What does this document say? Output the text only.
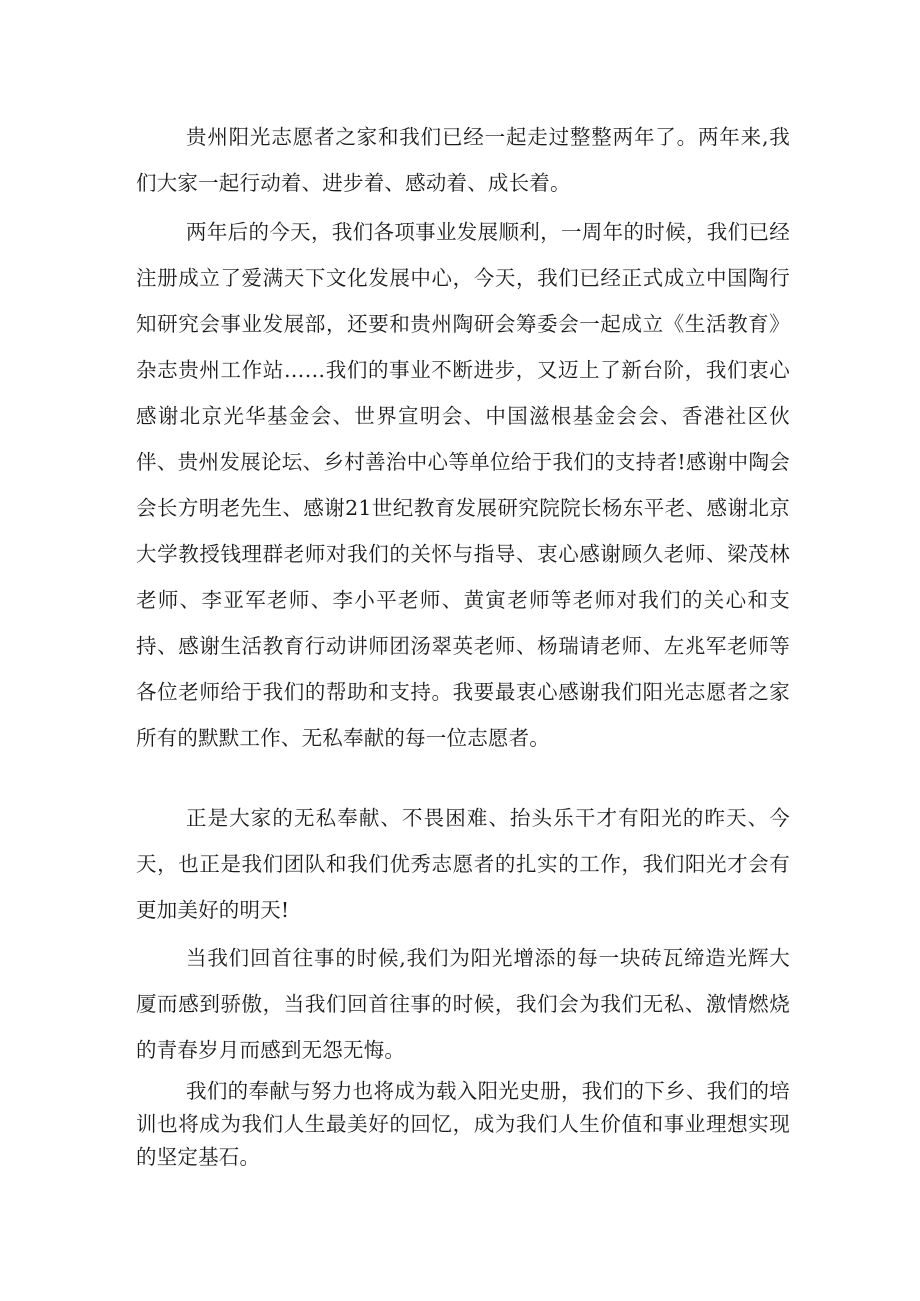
贵州阳光志愿者之家和我们已经一起走过整整两年了。两年来,我们大家一起行动着、进步着、感动着、成长着。

两年后的今天，我们各项事业发展顺利，一周年的时候，我们已经注册成立了爱满天下文化发展中心，今天，我们已经正式成立中国陶行知研究会事业发展部，还要和贵州陶研会筹委会一起成立《生活教育》杂志贵州工作站……我们的事业不断进步，又迈上了新台阶，我们衷心感谢北京光华基金会、世界宣明会、中国滋根基金会会、香港社区伙伴、贵州发展论坛、乡村善治中心等单位给于我们的支持者!感谢中陶会会长方明老先生、感谢21世纪教育发展研究院院长杨东平老、感谢北京大学教授钱理群老师对我们的关怀与指导、衷心感谢顾久老师、梁茂林老师、李亚军老师、李小平老师、黄寅老师等老师对我们的关心和支持、感谢生活教育行动讲师团汤翠英老师、杨瑞请老师、左兆军老师等各位老师给于我们的帮助和支持。我要最衷心感谢我们阳光志愿者之家所有的默默工作、无私奉献的每一位志愿者。

正是大家的无私奉献、不畏困难、抬头乐干才有阳光的昨天、今天，也正是我们团队和我们优秀志愿者的扎实的工作，我们阳光才会有更加美好的明天!

当我们回首往事的时候,我们为阳光增添的每一块砖瓦缔造光辉大厦而感到骄傲，当我们回首往事的时候，我们会为我们无私、激情燃烧的青春岁月而感到无怨无悔。

我们的奉献与努力也将成为载入阳光史册，我们的下乡、我们的培训也将成为我们人生最美好的回忆，成为我们人生价值和事业理想实现的坚定基石。
